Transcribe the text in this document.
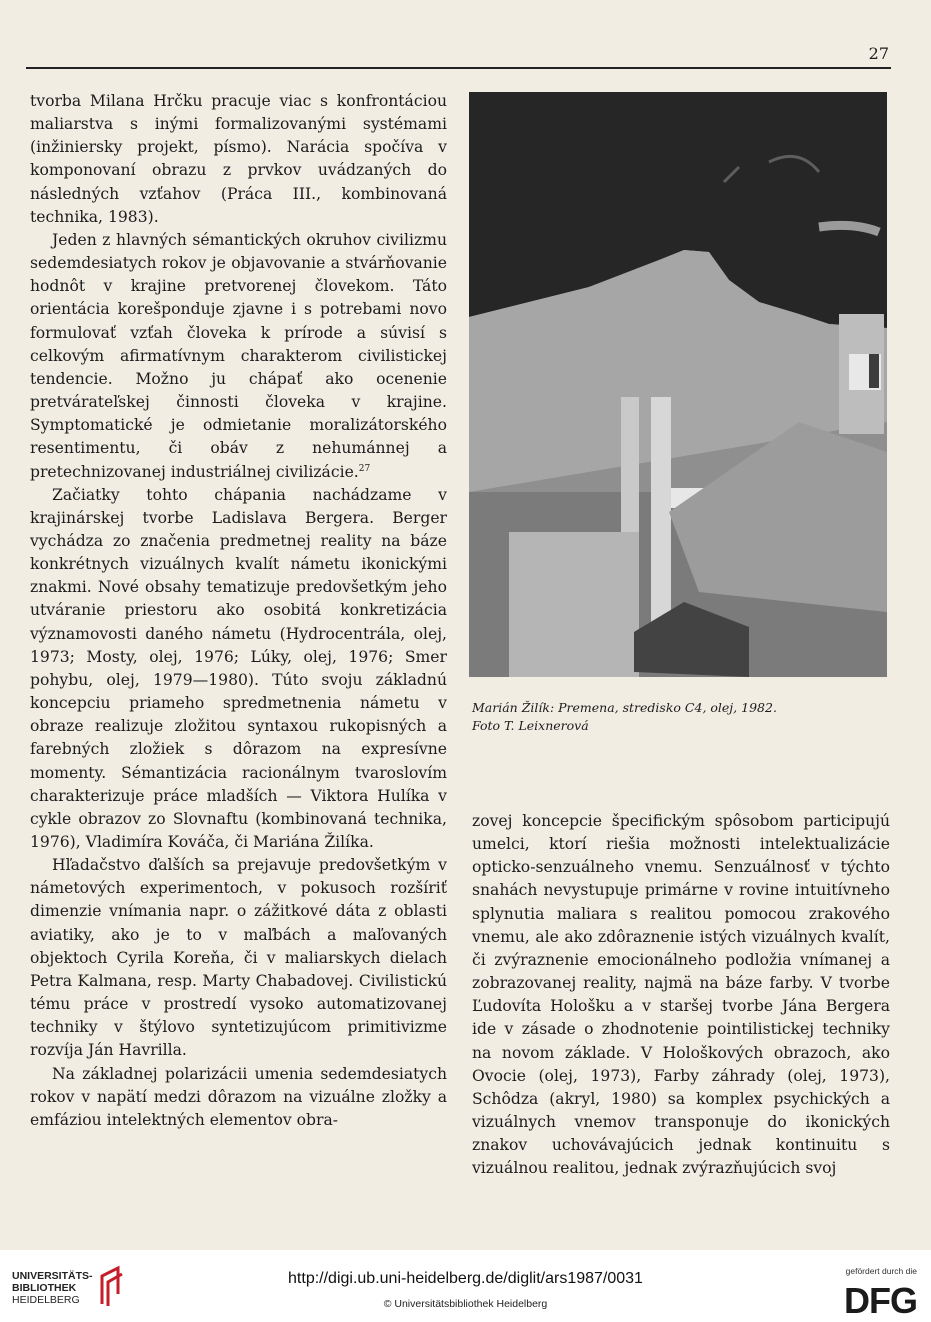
27

tvorba Milana Hrčku pracuje viac s konfrontáciou maliarstva s inými formalizovanými systémami (inžiniersky projekt, písmo). Narácia spočíva v komponovaní obrazu z prvkov uvádzaných do následných vzťahov (Práca III., kombinovaná technika, 1983).

Jeden z hlavných sémantických okruhov civilizmu sedemdesiatych rokov je objavovanie a stvárňovanie hodnôt v krajine pretvorenej človekom. Táto orientácia korešponduje zjavne i s potrebami novo formulovať vzťah človeka k prírode a súvisí s celkovým afirmatívnym charakterom civilistickej tendencie. Možno ju chápať ako ocenenie pretvárateľskej činnosti človeka v krajine. Symptomatické je odmietanie moralizátorského resentimentu, či obáv z nehumánnej a pretechnizovanej industriálnej civilizácie.$^{27}$

Začiatky tohto chápania nachádzame v krajinárskej tvorbe Ladislava Bergera. Berger vychádza zo značenia predmetnej reality na báze konkrétnych vizuálnych kvalít námetu ikonickými znakmi. Nové obsahy tematizuje predovšetkým jeho utváranie priestoru ako osobitá konkretizácia významovosti daného námetu (Hydrocentrála, olej, 1973; Mosty, olej, 1976; Lúky, olej, 1976; Smer pohybu, olej, 1979—1980). Túto svoju základnú koncepciu priameho spredmetnenia námetu v obraze realizuje zložitou syntaxou rukopisných a farebných zložiek s dôrazom na expresívne momenty. Sémantizácia racionálnym tvaroslovím charakterizuje práce mladších — Viktora Hulíka v cykle obrazov zo Slovnaftu (kombinovaná technika, 1976), Vladimíra Kováča, či Mariána Žilíka.

Hľadačstvo ďalších sa prejavuje predovšetkým v námetových experimentoch, v pokusoch rozšíriť dimenzie vnímania napr. o zážitkové dáta z oblasti aviatiky, ako je to v maľbách a maľovaných objektoch Cyrila Koreňa, či v maliarskych dielach Petra Kalmana, resp. Marty Chabadovej. Civilistickú tému práce v prostredí vysoko automatizovanej techniky v štýlovo syntetizujúcom primitivizme rozvíja Ján Havrilla.

Na základnej polarizácii umenia sedemdesiatych rokov v napätí medzi dôrazom na vizuálne zložky a emfáziou intelektných elementov obra-

Marián Žilík: Premena, stredisko C4, olej, 1982.
Foto T. Leixnerová

zovej koncepcie špecifickým spôsobom participujú umelci, ktorí riešia možnosti intelektualizácie opticko-senzuálneho vnemu. Senzuálnosť v týchto snahách nevystupuje primárne v rovine intuitívneho splynutia maliara s realitou pomocou zrakového vnemu, ale ako zdôraznenie istých vizuálnych kvalít, či zvýraznenie emocionálneho podložia vnímanej a zobrazovanej reality, najmä na báze farby. V tvorbe Ľudovíta Hološku a v staršej tvorbe Jána Bergera ide v zásade o zhodnotenie pointilistickej techniky na novom základe. V Hološkových obrazoch, ako Ovocie (olej, 1973), Farby záhrady (olej, 1973), Schôdza (akryl, 1980) sa komplex psychických a vizuálnych vnemov transponuje do ikonických znakov uchovávajúcich jednak kontinuitu s vizuálnou realitou, jednak zvýrazňujúcich svoj

UNIVERSITÄTS-
BIBLIOTHEK
HEIDELBERG
http://digi.ub.uni-heidelberg.de/diglit/ars1987/0031
© Universitätsbibliothek Heidelberg
gefördert durch die
DFG
